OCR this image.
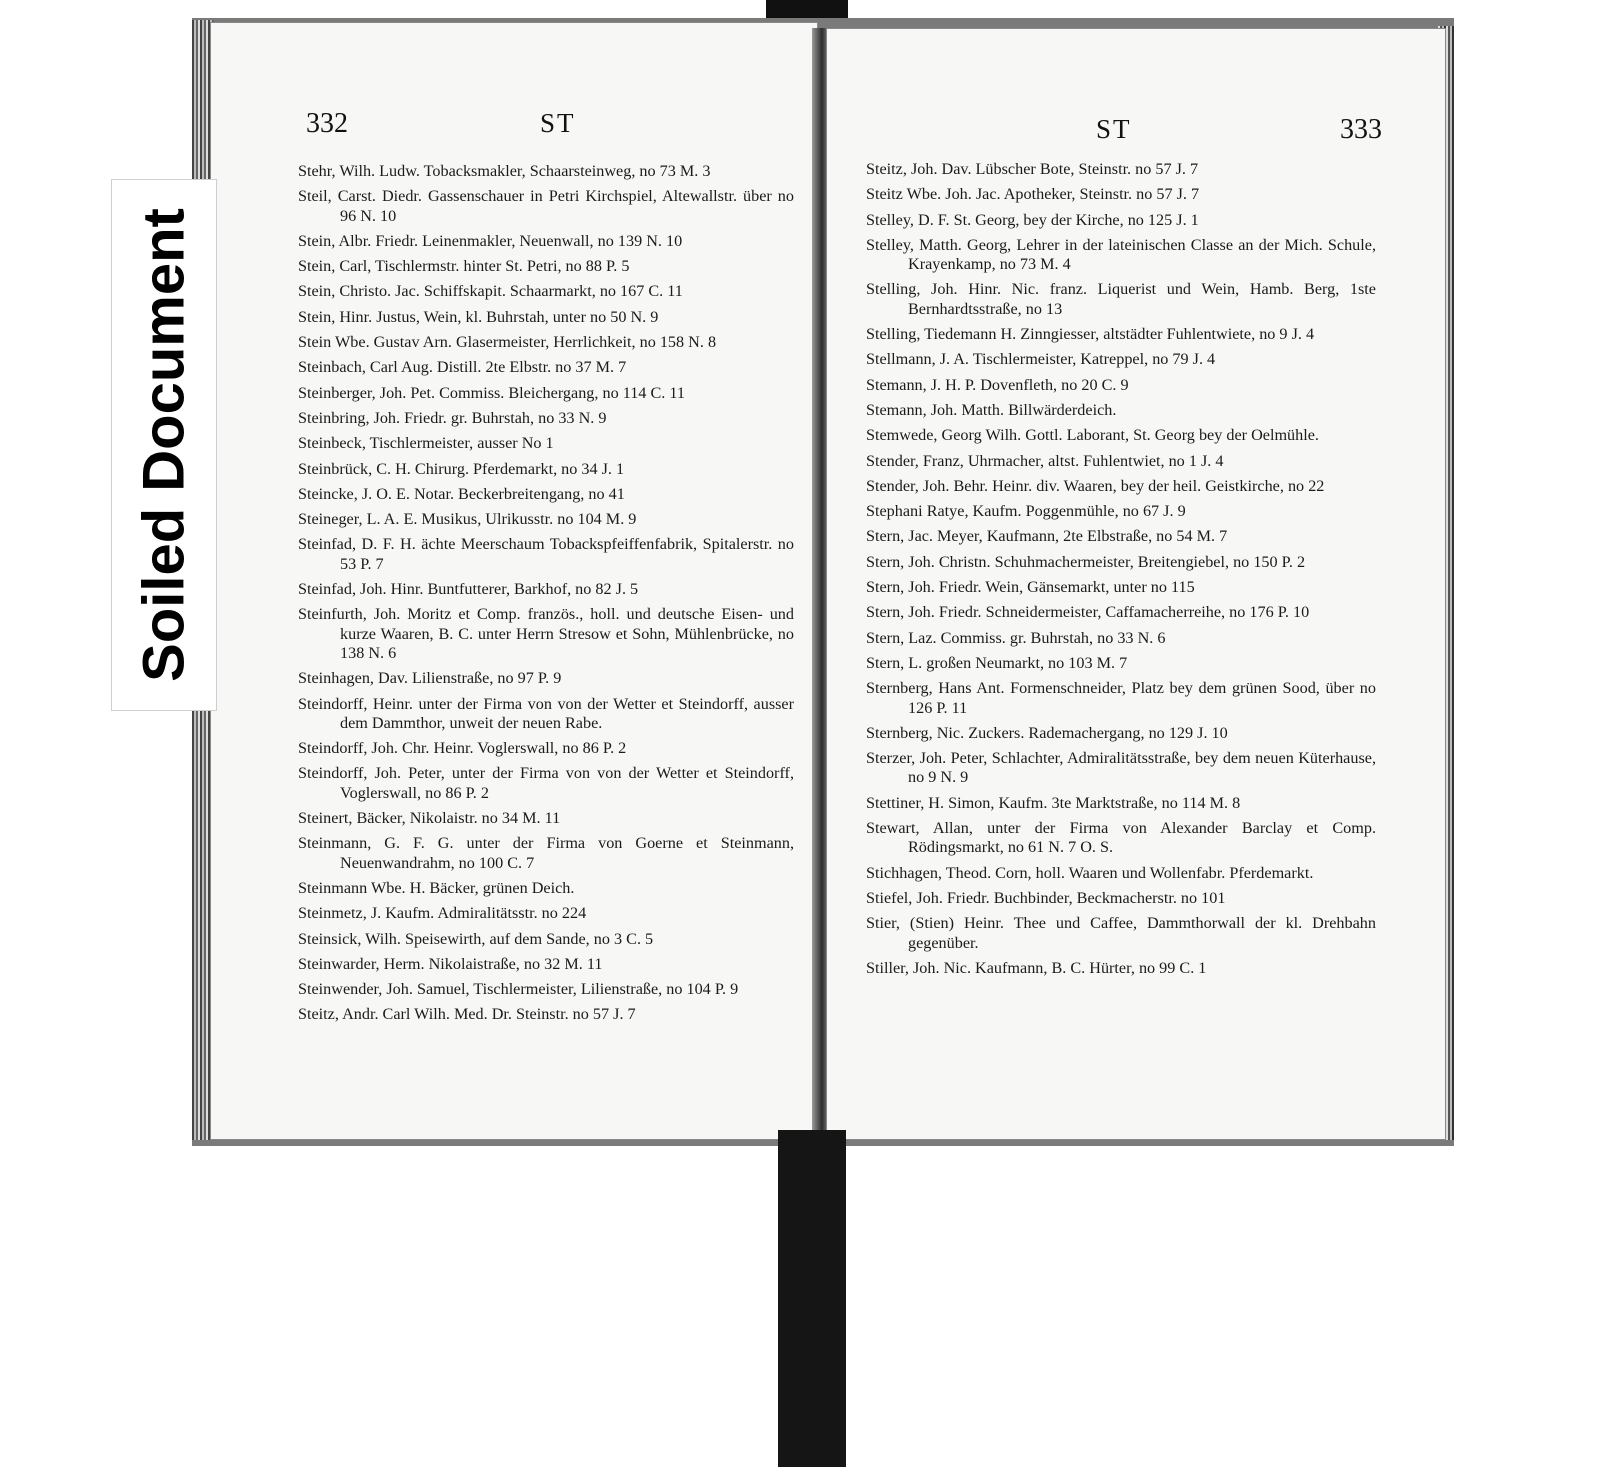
332	ST
Stehr, Wilh. Ludw. Tobacksmakler, Schaarsteinweg, no 73 M. 3
Steil, Carst. Diedr. Gassenschauer in Petri Kirchspiel, Altewallstr. über no 96 N. 10
Stein, Albr. Friedr. Leinenmakler, Neuenwall, no 139 N. 10
Stein, Carl, Tischlermstr. hinter St. Petri, no 88 P. 5
Stein, Christo. Jac. Schiffskapit. Schaarmarkt, no 167 C. 11
Stein, Hinr. Justus, Wein, kl. Buhrstah, unter no 50 N. 9
Stein Wbe. Gustav Arn. Glasermeister, Herrlichkeit, no 158 N. 8
Steinbach, Carl Aug. Distill. 2te Elbstr. no 37 M. 7
Steinberger, Joh. Pet. Commiss. Bleichergang, no 114 C. 11
Steinbring, Joh. Friedr. gr. Buhrstah, no 33 N. 9
Steinbeck, Tischlermeister, ausser No 1
Steinbrück, C. H. Chirurg. Pferdemarkt, no 34 J. 1
Steincke, J. O. E. Notar. Beckerbreitengang, no 41
Steineger, L. A. E. Musikus, Ulrikusstr. no 104 M. 9
Steinfad, D. F. H. ächte Meerschaum Tobackspfeiffenfabrik, Spitalerstr. no 53 P. 7
Steinfad, Joh. Hinr. Buntfutterer, Barkhof, no 82 J. 5
Steinfurth, Joh. Moritz et Comp. französ., holl. und deutsche Eisen- und kurze Waaren, B. C. unter Herrn Stresow et Sohn, Mühlenbrücke, no 138 N. 6
Steinhagen, Dav. Lilienstraße, no 97 P. 9
Steindorff, Heinr. unter der Firma von von der Wetter et Steindorff, ausser dem Dammthor, unweit der neuen Rabe.
Steindorff, Joh. Chr. Heinr. Voglerswall, no 86 P. 2
Steindorff, Joh. Peter, unter der Firma von von der Wetter et Steindorff, Voglerswall, no 86 P. 2
Steinert, Bäcker, Nikolaistr. no 34 M. 11
Steinmann, G. F. G. unter der Firma von Goerne et Steinmann, Neuenwandrahm, no 100 C. 7
Steinmann Wbe. H. Bäcker, grünen Deich.
Steinmetz, J. Kaufm. Admiralitätsstr. no 224
Steinsick, Wilh. Speisewirth, auf dem Sande, no 3 C. 5
Steinwarder, Herm. Nikolaistraße, no 32 M. 11
Steinwender, Joh. Samuel, Tischlermeister, Lilienstraße, no 104 P. 9
Steitz, Andr. Carl Wilh. Med. Dr. Steinstr. no 57 J. 7
ST	333
Steitz, Joh. Dav. Lübscher Bote, Steinstr. no 57 J. 7
Steitz Wbe. Joh. Jac. Apotheker, Steinstr. no 57 J. 7
Stelley, D. F. St. Georg, bey der Kirche, no 125 J. 1
Stelley, Matth. Georg, Lehrer in der lateinischen Classe an der Mich. Schule, Krayenkamp, no 73 M. 4
Stelling, Joh. Hinr. Nic. franz. Liquerist und Wein, Hamb. Berg, 1ste Bernhardtsstraße, no 13
Stelling, Tiedemann H. Zinngiesser, altstädter Fuhlentwiete, no 9 J. 4
Stellmann, J. A. Tischlermeister, Katreppel, no 79 J. 4
Stemann, J. H. P. Dovenfleth, no 20 C. 9
Stemann, Joh. Matth. Billwärderdeich.
Stemwede, Georg Wilh. Gottl. Laborant, St. Georg bey der Oelmühle.
Stender, Franz, Uhrmacher, altst. Fuhlentwiet, no 1 J. 4
Stender, Joh. Behr. Heinr. div. Waaren, bey der heil. Geistkirche, no 22
Stephani Ratye, Kaufm. Poggenmühle, no 67 J. 9
Stern, Jac. Meyer, Kaufmann, 2te Elbstraße, no 54 M. 7
Stern, Joh. Christn. Schuhmachermeister, Breitengiebel, no 150 P. 2
Stern, Joh. Friedr. Wein, Gänsemarkt, unter no 115
Stern, Joh. Friedr. Schneidermeister, Caffamacherreihe, no 176 P. 10
Stern, Laz. Commiss. gr. Buhrstah, no 33 N. 6
Stern, L. großen Neumarkt, no 103 M. 7
Sternberg, Hans Ant. Formenschneider, Platz bey dem grünen Sood, über no 126 P. 11
Sternberg, Nic. Zuckers. Rademachergang, no 129 J. 10
Sterzer, Joh. Peter, Schlachter, Admiralitätsstraße, bey dem neuen Küterhause, no 9 N. 9
Stettiner, H. Simon, Kaufm. 3te Marktstraße, no 114 M. 8
Stewart, Allan, unter der Firma von Alexander Barclay et Comp. Rödingsmarkt, no 61 N. 7 O. S.
Stichhagen, Theod. Corn, holl. Waaren und Wollenfabr. Pferdemarkt.
Stiefel, Joh. Friedr. Buchbinder, Beckmacherstr. no 101
Stier, (Stien) Heinr. Thee und Caffee, Dammthorwall der kl. Drehbahn gegenüber.
Stiller, Joh. Nic. Kaufmann, B. C. Hürter, no 99 C. 1
Soiled Document
